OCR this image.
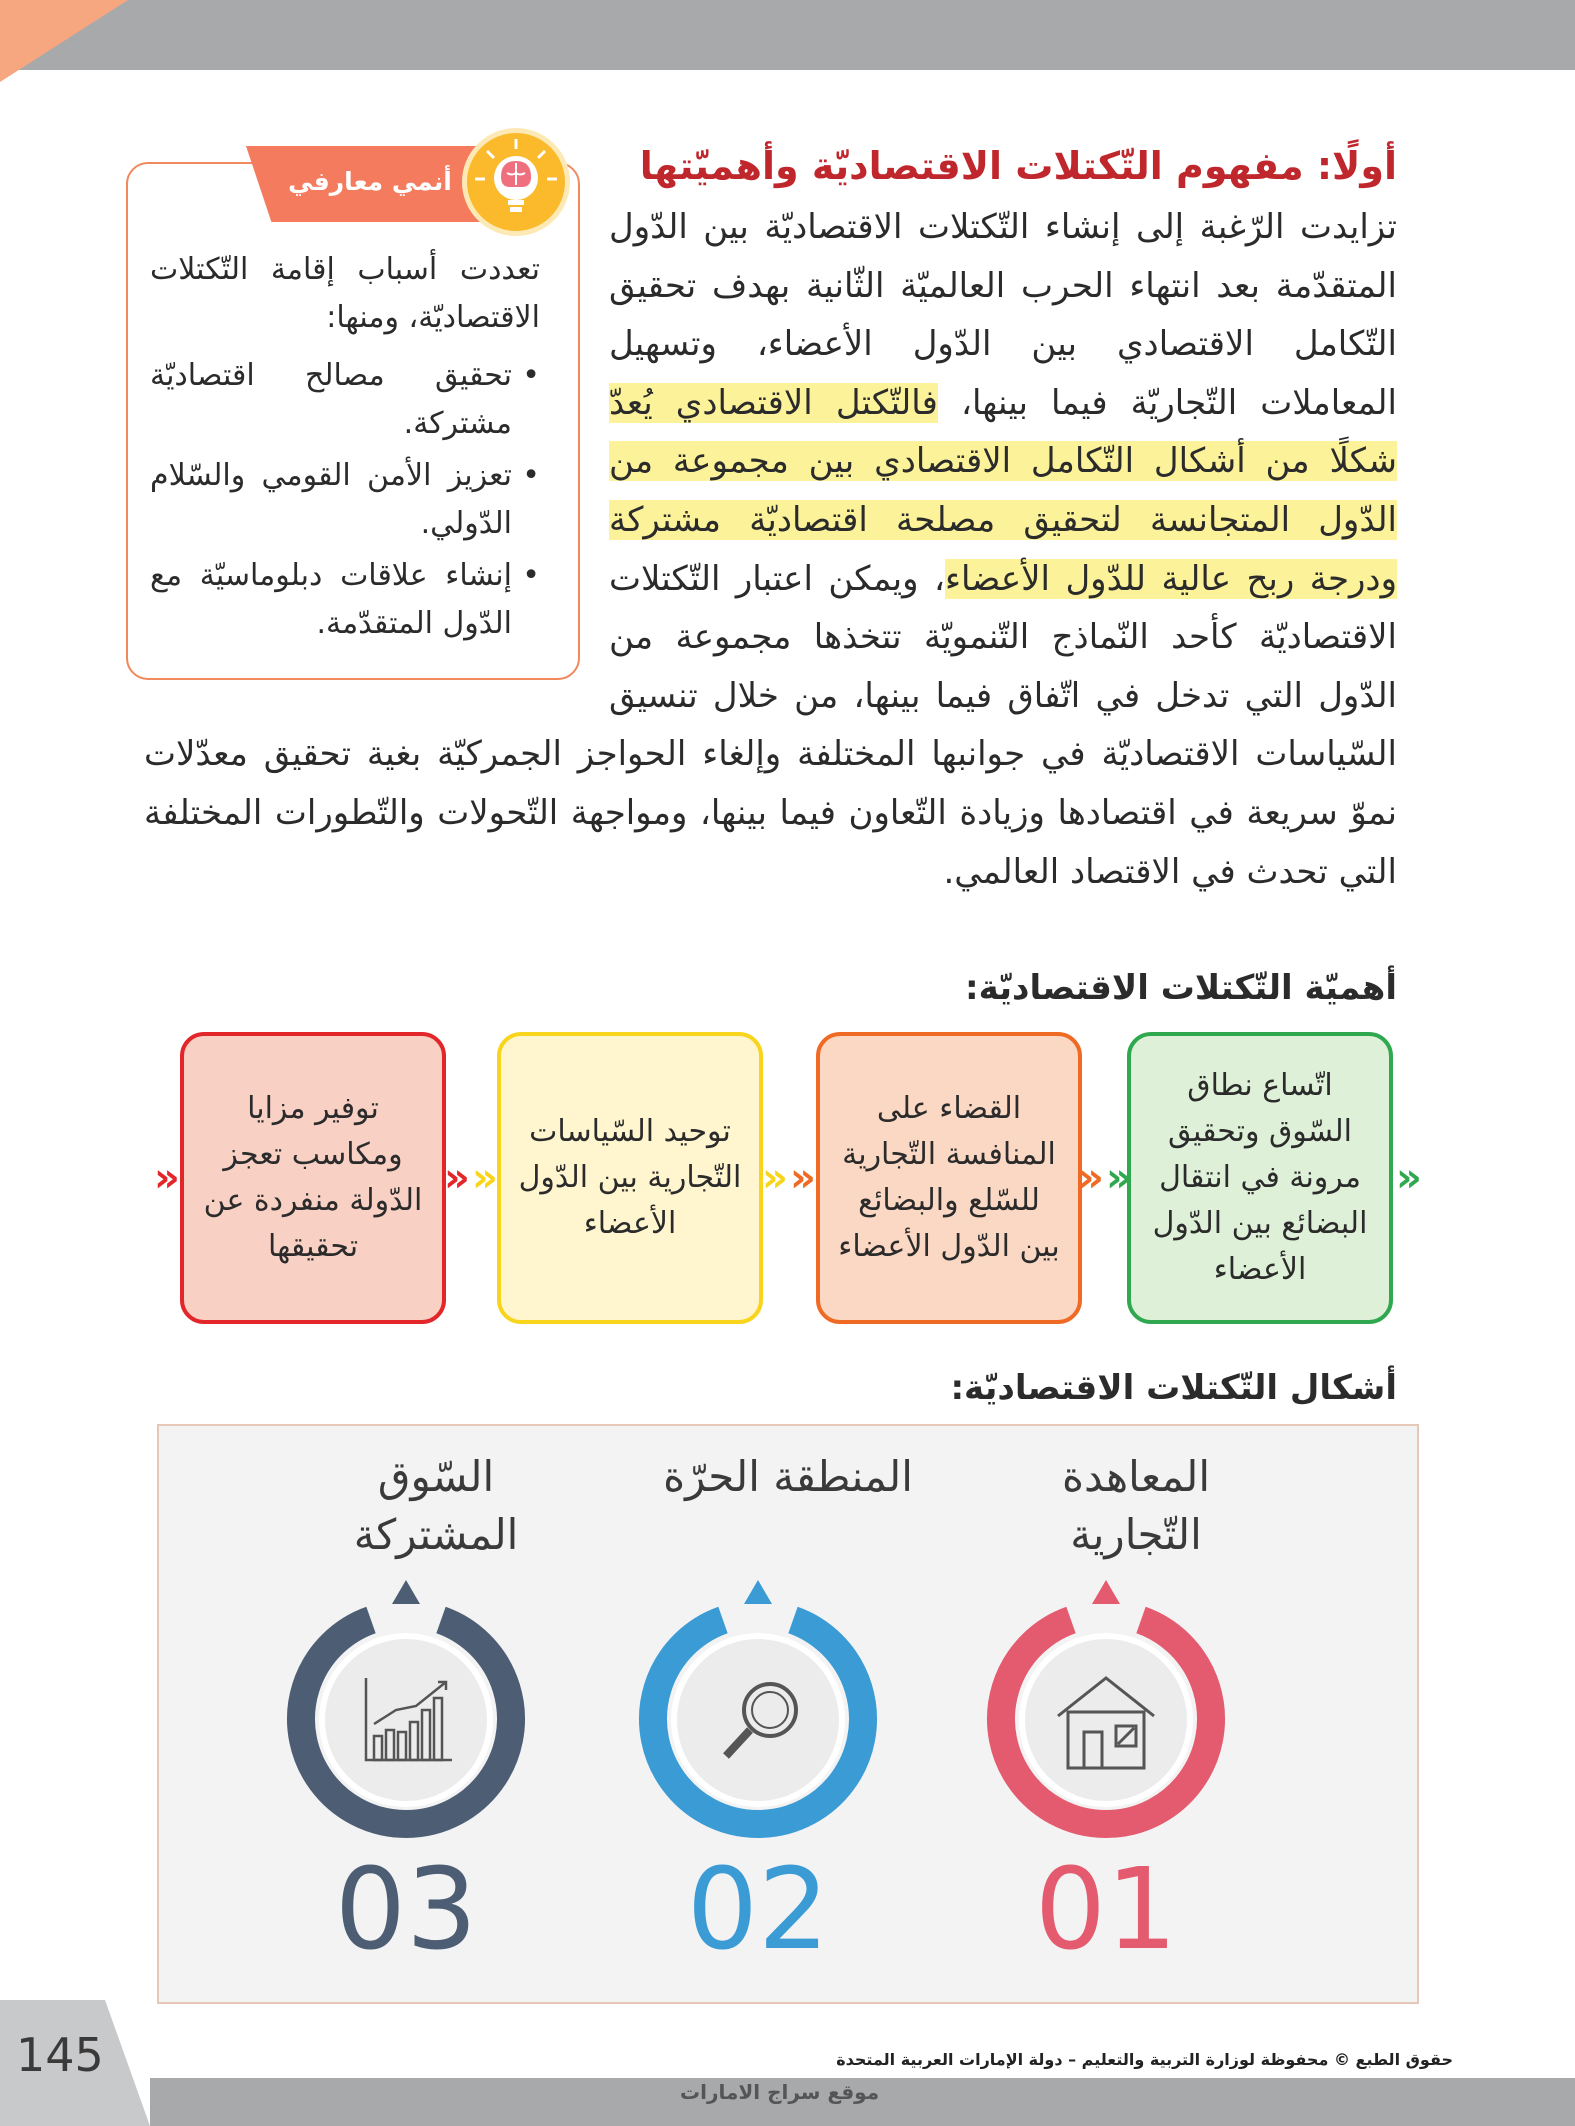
أنمي معارفي
تعددت أسباب إقامة التّكتلات الاقتصاديّة، ومنها:
• تحقيق مصالح اقتصاديّة مشتركة.
• تعزيز الأمن القومي والسّلام الدّولي.
• إنشاء علاقات دبلوماسيّة مع الدّول المتقدّمة.
أولًا: مفهوم التّكتلات الاقتصاديّة وأهميّتها
تزايدت الرّغبة إلى إنشاء التّكتلات الاقتصاديّة بين الدّول المتقدّمة بعد انتهاء الحرب العالميّة الثّانية بهدف تحقيق التّكامل الاقتصادي بين الدّول الأعضاء، وتسهيل المعاملات التّجاريّة فيما بينها، فالتّكتل الاقتصادي يُعدّ شكلًا من أشكال التّكامل الاقتصادي بين مجموعة من الدّول المتجانسة لتحقيق مصلحة اقتصاديّة مشتركة ودرجة ربح عالية للدّول الأعضاء، ويمكن اعتبار التّكتلات الاقتصاديّة كأحد النّماذج التّنمويّة تتخذها مجموعة من الدّول التي تدخل في اتّفاق فيما بينها، من خلال تنسيق السّياسات الاقتصاديّة في جوانبها المختلفة وإلغاء الحواجز الجمركيّة بغية تحقيق معدّلات نموّ سريعة في اقتصادها وزيادة التّعاون فيما بينها، ومواجهة التّحولات والتّطورات المختلفة التي تحدث في الاقتصاد العالمي.
أهميّة التّكتلات الاقتصاديّة:
اتّساع نطاق السّوق وتحقيق مرونة في انتقال البضائع بين الدّول الأعضاء
القضاء على المنافسة التّجارية للسّلع والبضائع بين الدّول الأعضاء
توحيد السّياسات التّجارية بين الدّول الأعضاء
توفير مزايا ومكاسب تعجز الدّولة منفردة عن تحقيقها
«
«
«
«
«
«
«
«
أشكال التّكتلات الاقتصاديّة:
المعاهدة التّجارية
المنطقة الحرّة
السّوق المشتركة
01
02
03
145	حقوق الطبع © محفوظة لوزارة التربية والتعليم – دولة الإمارات العربية المتحدة
موقع سراج الامارات
